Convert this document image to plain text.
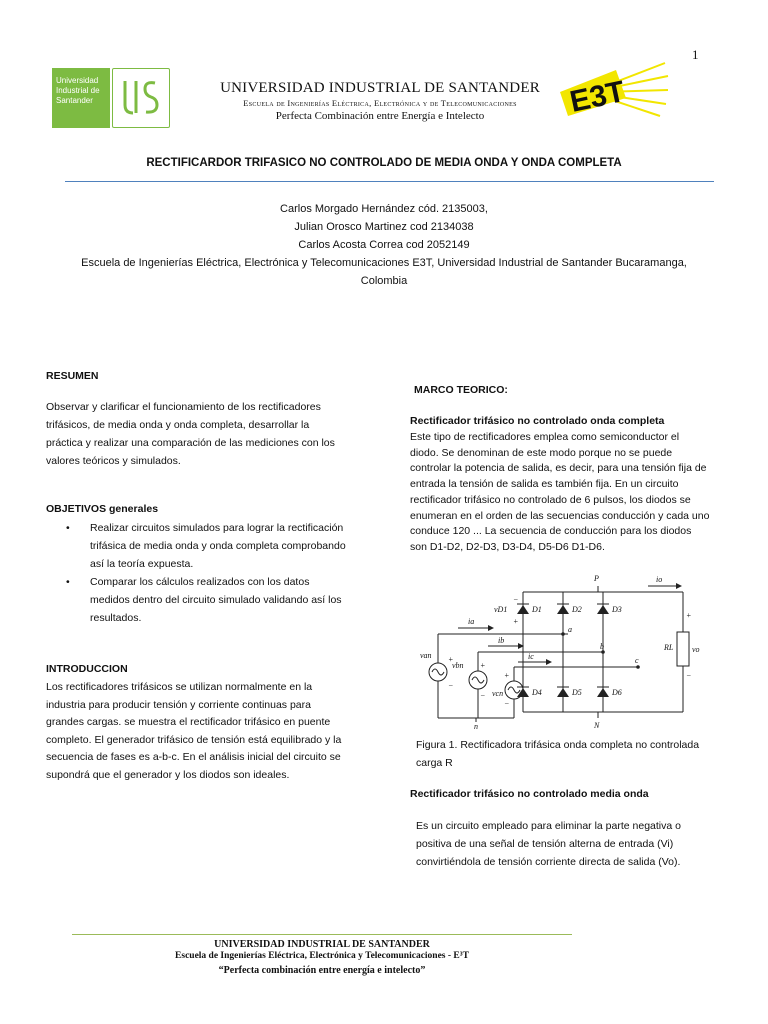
1
Universidad
Industrial de
Santander
UNIVERSIDAD INDUSTRIAL DE SANTANDER
Escuela de Ingenierías Eléctrica, Electrónica y de Telecomunicaciones
Perfecta Combinación entre Energía e Intelecto	E3T
RECTIFICARDOR TRIFASICO NO CONTROLADO DE MEDIA ONDA Y ONDA COMPLETA
Carlos Morgado Hernández cód. 2135003,
Julian Orosco Martinez cod 2134038
Carlos Acosta Correa cod 2052149
Escuela de Ingenierías Eléctrica, Electrónica y Telecomunicaciones E3T, Universidad Industrial de Santander Bucaramanga,
Colombia
RESUMEN
Observar y clarificar el funcionamiento de los rectificadores trifásicos, de media onda y onda completa, desarrollar la práctica y realizar una comparación de las mediciones con los valores teóricos y simulados.
OBJETIVOS generales
• Realizar circuitos simulados para lograr la rectificación trifásica de media onda y onda completa comprobando así la teoría expuesta.
• Comparar los cálculos realizados con los datos medidos dentro del circuito simulado validando así los resultados.
INTRODUCCION
Los rectificadores trifásicos se utilizan normalmente en la industria para producir tensión y corriente continuas para grandes cargas. se muestra el rectificador trifásico en puente completo. El generador trifásico de tensión está equilibrado y la secuencia de fases es a-b-c. En el análisis inicial del circuito se supondrá que el generador y los diodos son ideales.
MARCO TEORICO:
Rectificador trifásico no controlado onda completa
Este tipo de rectificadores emplea como semiconductor el diodo. Se denominan de este modo porque no se puede controlar la potencia de salida, es decir, para una tensión fija de entrada la tensión de salida es también fija. En un circuito rectificador trifásico no controlado de 6 pulsos, los diodos se enumeran en el orden de las secuencias conducción y cada uno conduce 120 ... La secuencia de conducción para los diodos son D1-D2, D2-D3, D3-D4, D5-D6 D1-D6.
P
N
n
a
b
c
D1	D2	D3
D4	D5	D6
ia
ib
ic
io
van
vbn
vcn
vD1
RL vo
+
−
+
−
+
−
−
+
+
−
Figura 1. Rectificadora trifásica onda completa no controlada carga R
Rectificador trifásico no controlado media onda
Es un circuito empleado para eliminar la parte negativa o positiva de una señal de tensión alterna de entrada (Vi) convirtiéndola de tensión corriente directa de salida (Vo).
UNIVERSIDAD INDUSTRIAL DE SANTANDER
Escuela de Ingenierías Eléctrica, Electrónica y Telecomunicaciones - E³T
“Perfecta combinación entre energía e intelecto”
